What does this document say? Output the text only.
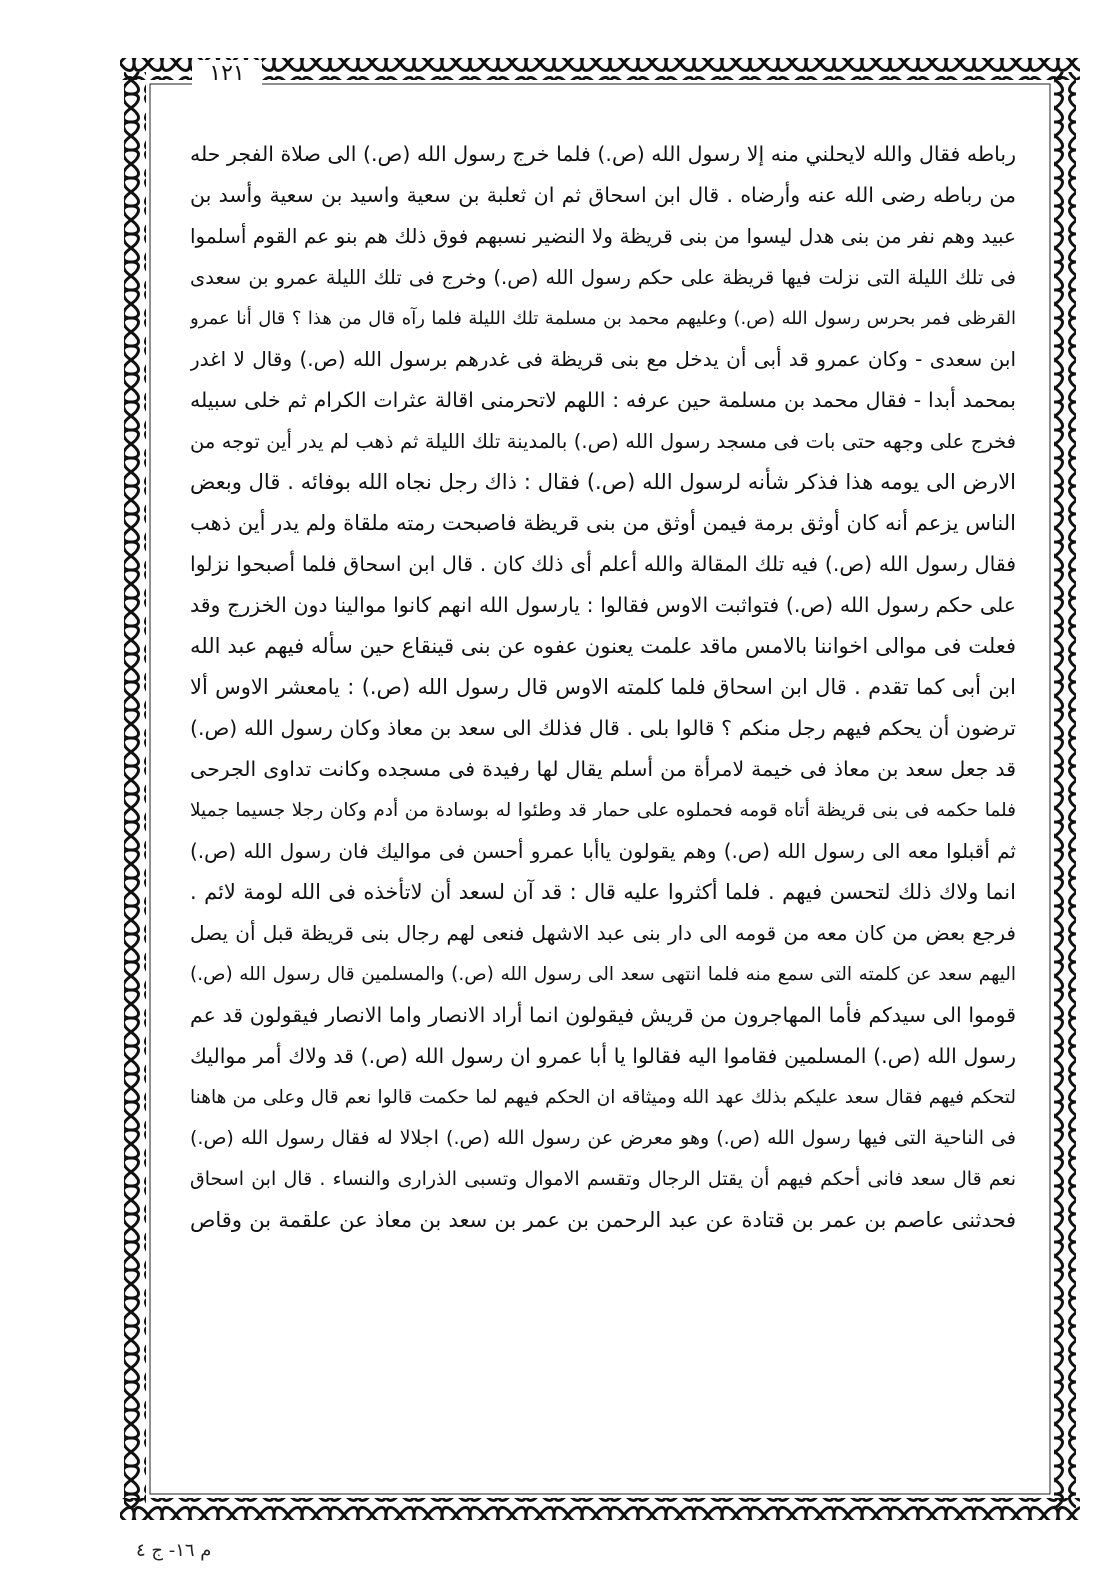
١٢١
رباطه فقال والله لايحلني منه إلا رسول الله (ص.) فلما خرج رسول الله (ص.) الى صلاة الفجر حله
من رباطه رضى الله عنه وأرضاه . قال ابن اسحاق ثم ان ثعلبة بن سعية واسيد بن سعية وأسد بن
عبيد وهم نفر من بنى هدل ليسوا من بنى قريظة ولا النضير نسبهم فوق ذلك هم بنو عم القوم أسلموا
فى تلك الليلة التى نزلت فيها قريظة على حكم رسول الله (ص.) وخرج فى تلك الليلة عمرو بن سعدى
القرظى فمر بحرس رسول الله (ص.) وعليهم محمد بن مسلمة تلك الليلة فلما رآه قال من هذا ؟ قال أنا عمرو
ابن سعدى - وكان عمرو قد أبى أن يدخل مع بنى قريظة فى غدرهم برسول الله (ص.) وقال لا اغدر
بمحمد أبدا - فقال محمد بن مسلمة حين عرفه : اللهم لاتحرمنى اقالة عثرات الكرام ثم خلى سبيله
فخرج على وجهه حتى بات فى مسجد رسول الله (ص.) بالمدينة تلك الليلة ثم ذهب لم يدر أين توجه من
الارض الى يومه هذا فذكر شأنه لرسول الله (ص.) فقال : ذاك رجل نجاه الله بوفائه . قال وبعض
الناس يزعم أنه كان أوثق برمة فيمن أوثق من بنى قريظة فاصبحت رمته ملقاة ولم يدر أين ذهب
فقال رسول الله (ص.) فيه تلك المقالة والله أعلم أى ذلك كان . قال ابن اسحاق فلما أصبحوا نزلوا
على حكم رسول الله (ص.) فتواثبت الاوس فقالوا : يارسول الله انهم كانوا موالينا دون الخزرج وقد
فعلت فى موالى اخواننا بالامس ماقد علمت يعنون عفوه عن بنى قينقاع حين سأله فيهم عبد الله
ابن أبى كما تقدم . قال ابن اسحاق فلما كلمته الاوس قال رسول الله (ص.) : يامعشر الاوس ألا
ترضون أن يحكم فيهم رجل منكم ؟ قالوا بلى . قال فذلك الى سعد بن معاذ وكان رسول الله (ص.)
قد جعل سعد بن معاذ فى خيمة لامرأة من أسلم يقال لها رفيدة فى مسجده وكانت تداوى الجرحى
فلما حكمه فى بنى قريظة أتاه قومه فحملوه على حمار قد وطئوا له بوسادة من أدم وكان رجلا جسيما جميلا
ثم أقبلوا معه الى رسول الله (ص.) وهم يقولون ياأبا عمرو أحسن فى مواليك فان رسول الله (ص.)
انما ولاك ذلك لتحسن فيهم . فلما أكثروا عليه قال : قد آن لسعد أن لاتأخذه فى الله لومة لائم .
فرجع بعض من كان معه من قومه الى دار بنى عبد الاشهل فنعى لهم رجال بنى قريظة قبل أن يصل
اليهم سعد عن كلمته التى سمع منه فلما انتهى سعد الى رسول الله (ص.) والمسلمين قال رسول الله (ص.)
قوموا الى سيدكم فأما المهاجرون من قريش فيقولون انما أراد الانصار واما الانصار فيقولون قد عم
رسول الله (ص.) المسلمين فقاموا اليه فقالوا يا أبا عمرو ان رسول الله (ص.) قد ولاك أمر مواليك
لتحكم فيهم فقال سعد عليكم بذلك عهد الله وميثاقه ان الحكم فيهم لما حكمت قالوا نعم قال وعلى من هاهنا
فى الناحية التى فيها رسول الله (ص.) وهو معرض عن رسول الله (ص.) اجلالا له فقال رسول الله (ص.)
نعم قال سعد فانى أحكم فيهم أن يقتل الرجال وتقسم الاموال وتسبى الذرارى والنساء . قال ابن اسحاق
فحدثنى عاصم بن عمر بن قتادة عن عبد الرحمن بن عمر بن سعد بن معاذ عن علقمة بن وقاص
م ١٦- ج ٤
